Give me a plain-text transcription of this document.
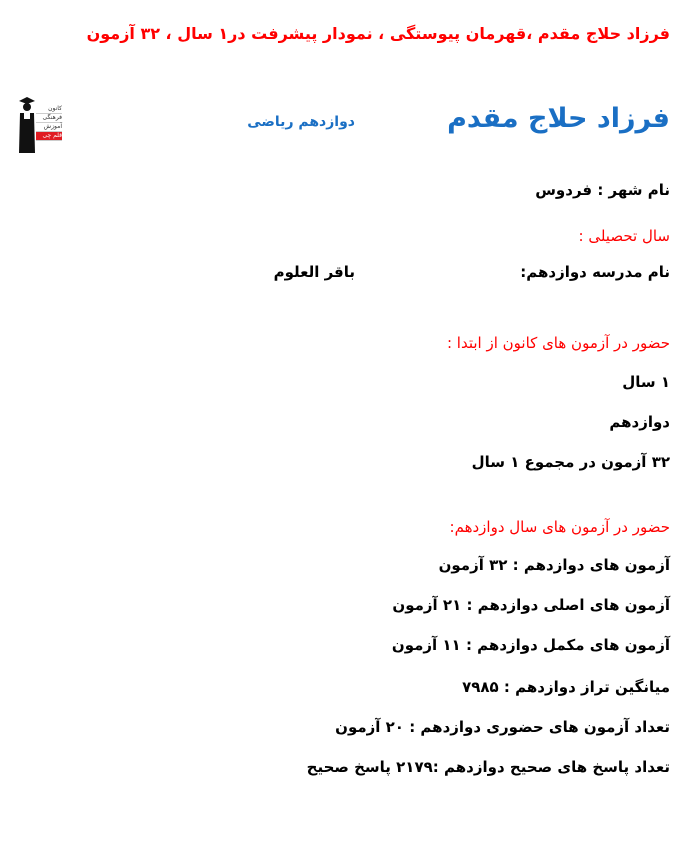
فرزاد حلاج مقدم ،قهرمان پیوستگی ، نمودار پیشرفت در۱ سال ، ۳۲ آزمون
کانون
فرهنگی
آموزش
قلم چی
فرزاد حلاج مقدم
دوازدهم ریاضی
نام شهر : فردوس
سال تحصیلی :
نام مدرسه دوازدهم:
باقر العلوم
حضور در آزمون های کانون از ابتدا :
۱ سال
دوازدهم
۳۲ آزمون در مجموع ۱ سال
حضور در آزمون های سال دوازدهم:
آزمون های دوازدهم : ۳۲ آزمون
آزمون های اصلی دوازدهم : ۲۱ آزمون
آزمون های مکمل دوازدهم : ۱۱ آزمون
میانگین تراز دوازدهم : ۷۹۸۵
تعداد آزمون های حضوری دوازدهم : ۲۰ آزمون
تعداد پاسخ های صحیح دوازدهم :۲۱۷۹ پاسخ صحیح
